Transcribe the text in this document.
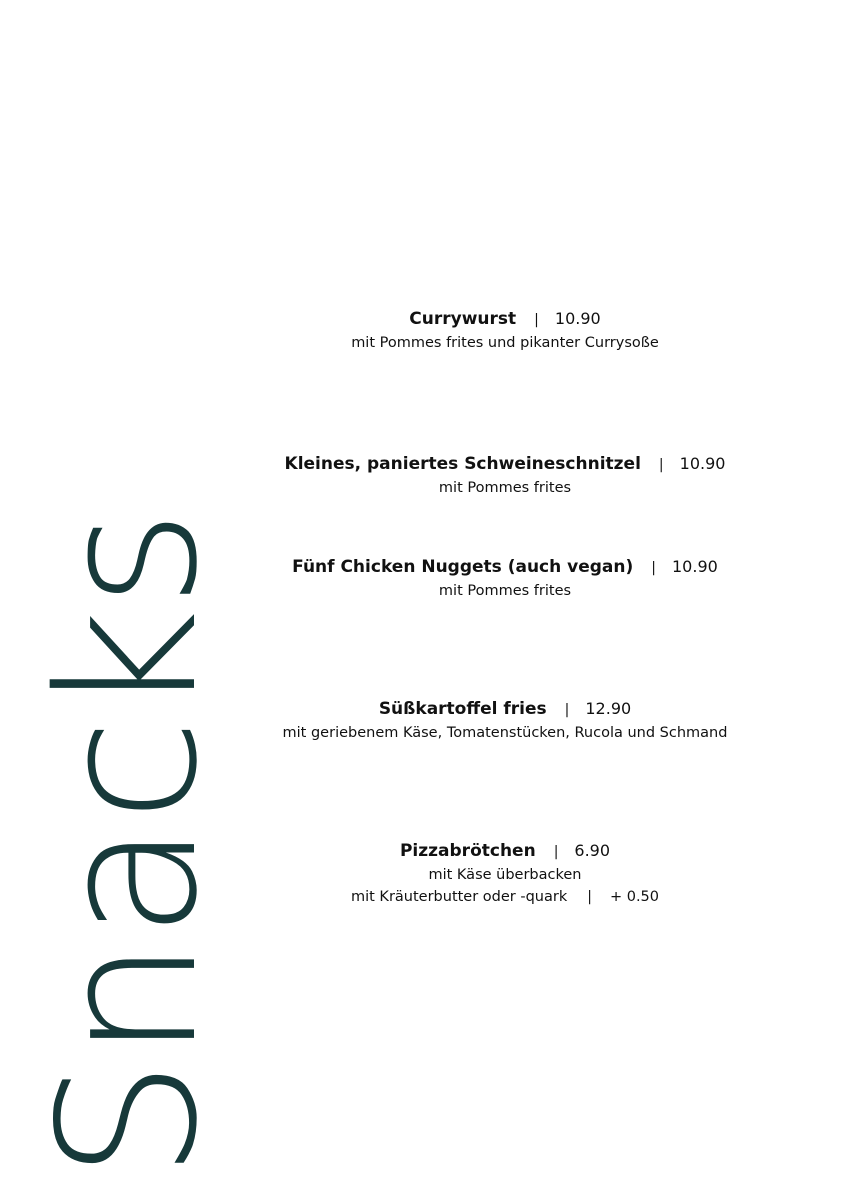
Snacks
Currywurst | 10.90
mit Pommes frites und pikanter Currysoße
Kleines, paniertes Schweineschnitzel | 10.90
mit Pommes frites
Fünf Chicken Nuggets (auch vegan) | 10.90
mit Pommes frites
Süßkartoffel fries | 12.90
mit geriebenem Käse, Tomatenstücken, Rucola und Schmand
Pizzabrötchen | 6.90
mit Käse überbacken
mit Kräuterbutter oder -quark | + 0.50
